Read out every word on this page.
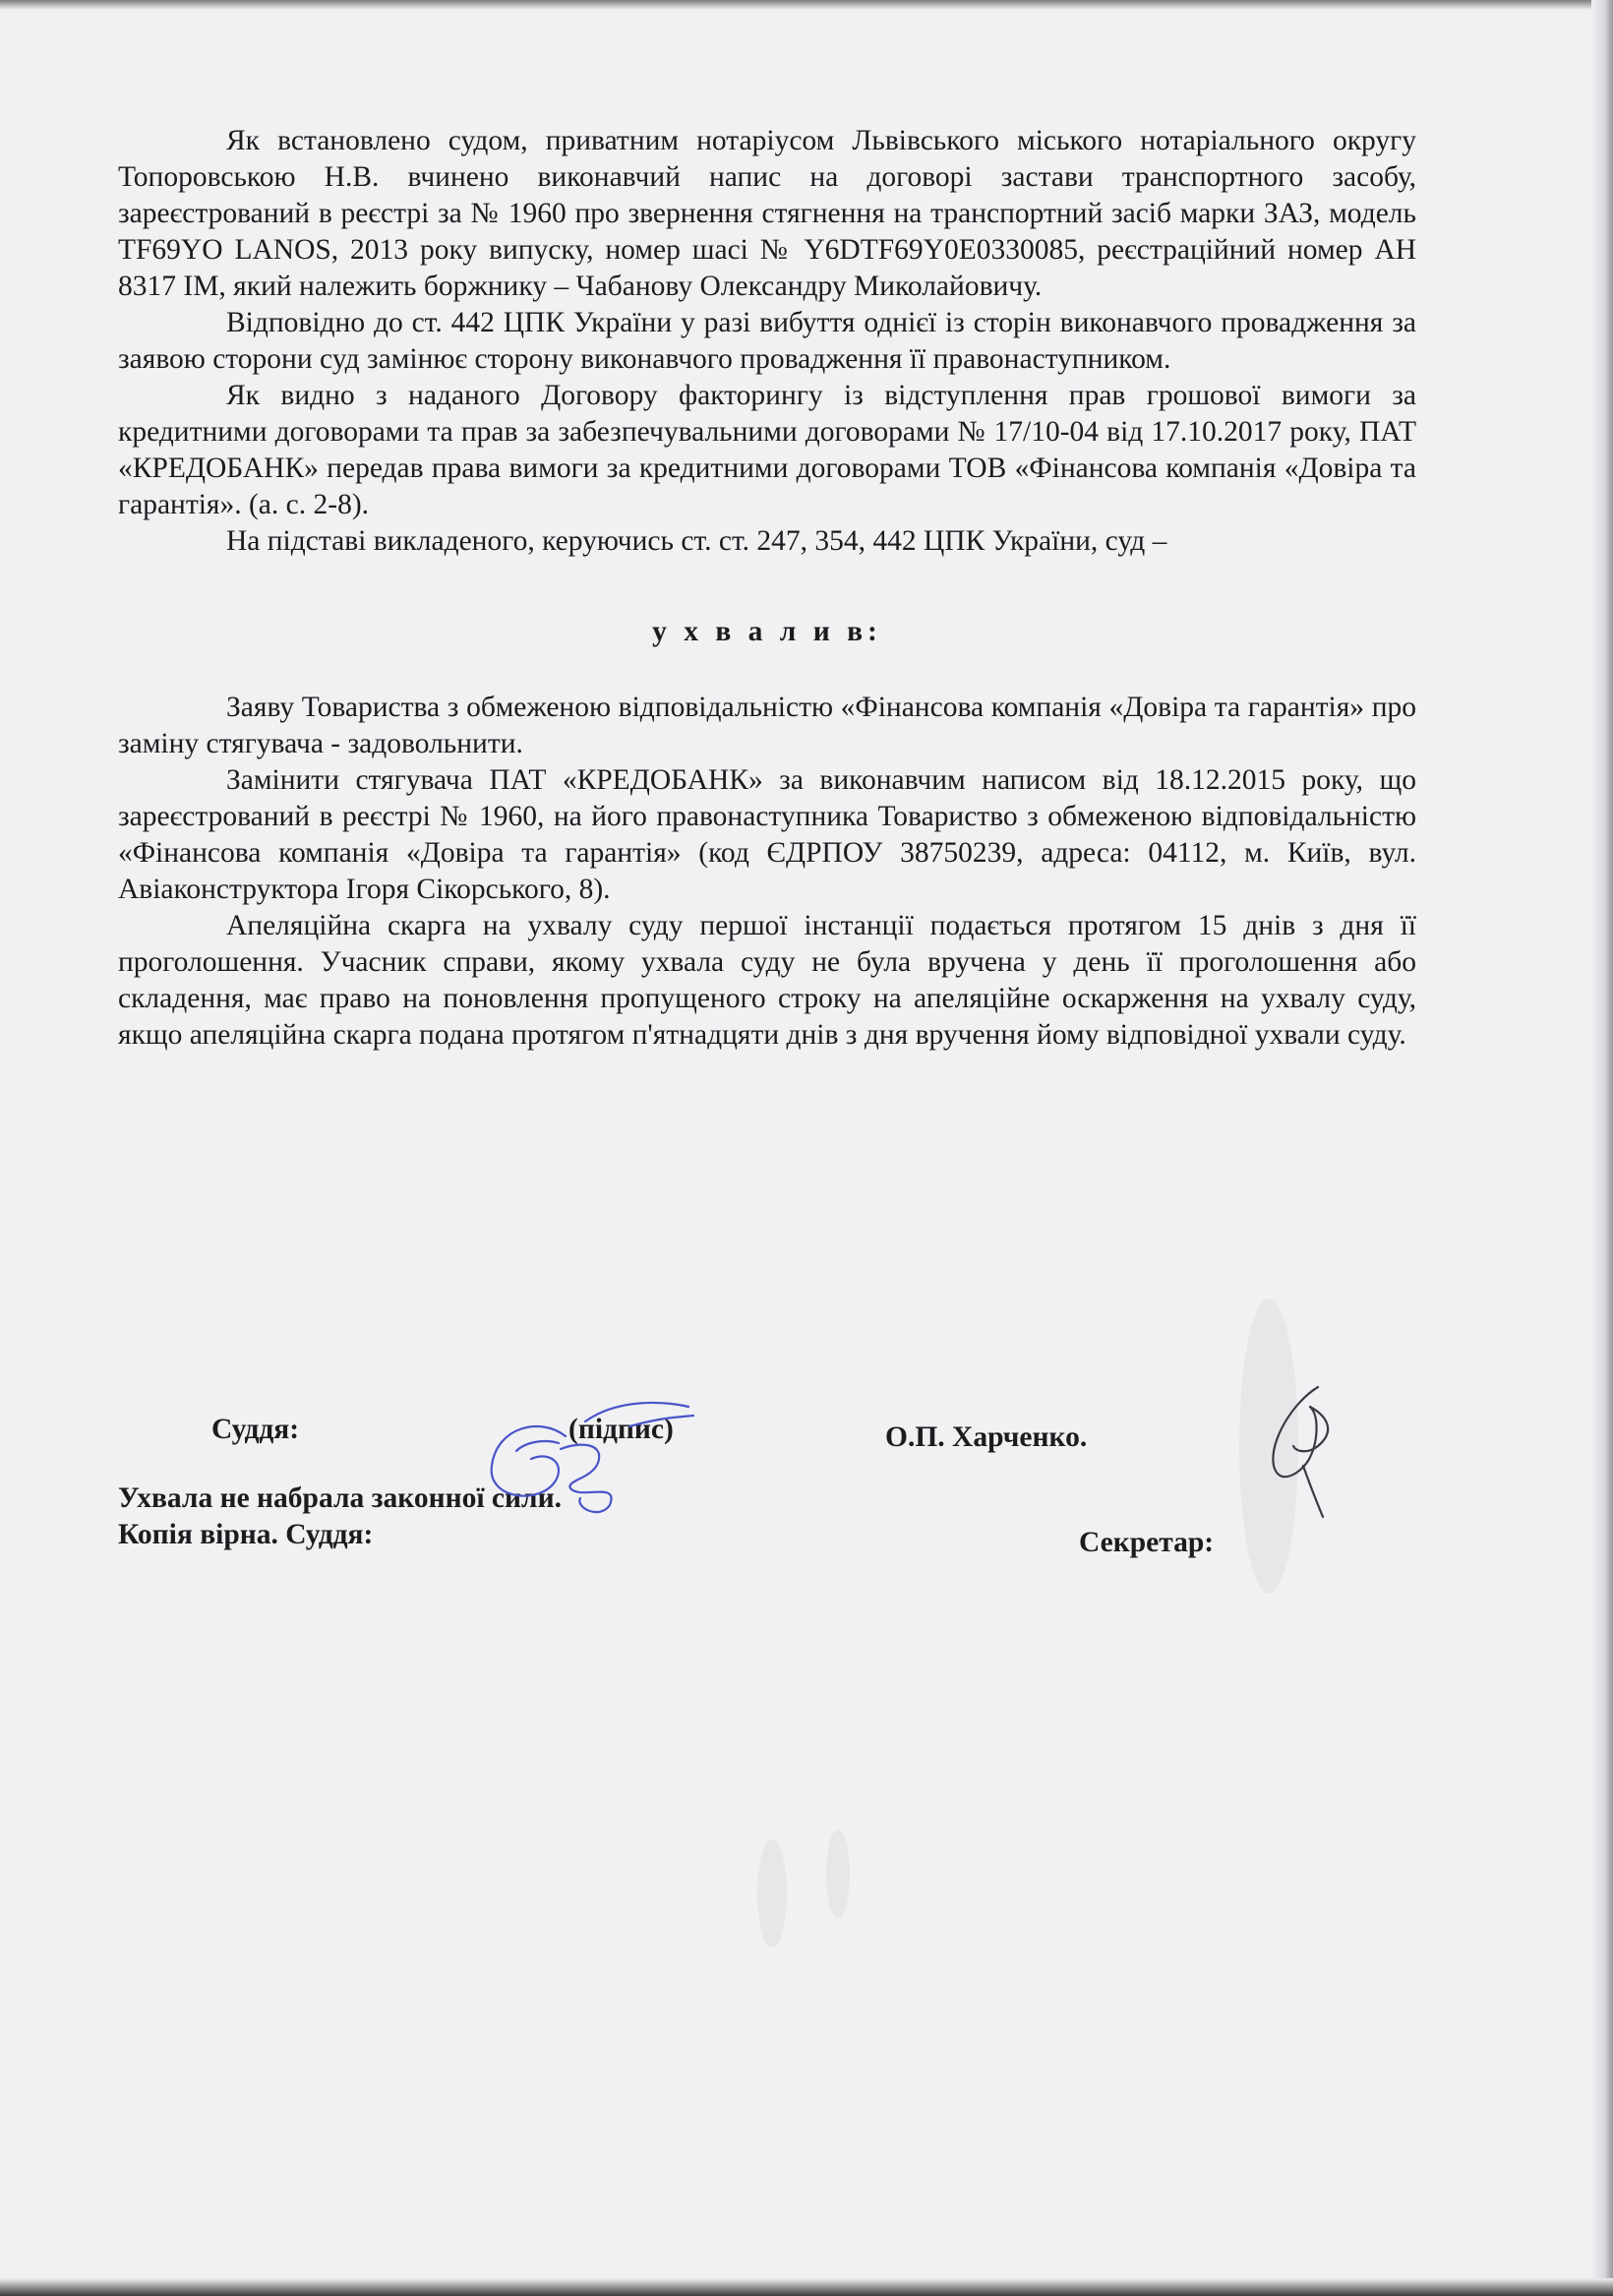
Як встановлено судом, приватним нотаріусом Львівського міського нотаріального округу Топоровською Н.В. вчинено виконавчий напис на договорі застави транспортного засобу, зареєстрований в реєстрі за № 1960 про звернення стягнення на транспортний засіб марки ЗАЗ, модель TF69YO LANOS, 2013 року випуску, номер шасі № Y6DTF69Y0E0330085, реєстраційний номер АН 8317 ІМ, який належить боржнику – Чабанову Олександру Миколайовичу.

Відповідно до ст. 442 ЦПК України у разі вибуття однієї із сторін виконавчого провадження за заявою сторони суд замінює сторону виконавчого провадження її правонаступником.

Як видно з наданого Договору факторингу із відступлення прав грошової вимоги за кредитними договорами та прав за забезпечувальними договорами № 17/10-04 від 17.10.2017 року, ПАТ «КРЕДОБАНК» передав права вимоги за кредитними договорами ТОВ «Фінансова компанія «Довіра та гарантія». (а. с. 2-8).

На підставі викладеного, керуючись ст. ст. 247, 354, 442 ЦПК України, суд –

у х в а л и в:

Заяву Товариства з обмеженою відповідальністю «Фінансова компанія «Довіра та гарантія» про заміну стягувача - задовольнити.

Замінити стягувача ПАТ «КРЕДОБАНК» за виконавчим написом від 18.12.2015 року, що зареєстрований в реєстрі № 1960, на його правонаступника Товариство з обмеженою відповідальністю «Фінансова компанія «Довіра та гарантія» (код ЄДРПОУ 38750239, адреса: 04112, м. Київ, вул. Авіаконструктора Ігоря Сікорського, 8).

Апеляційна скарга на ухвалу суду першої інстанції подається протягом 15 днів з дня її проголошення. Учасник справи, якому ухвала суду не була вручена у день її проголошення або складення, має право на поновлення пропущеного строку на апеляційне оскарження на ухвалу суду, якщо апеляційна скарга подана протягом п'ятнадцяти днів з дня вручення йому відповідної ухвали суду.

Суддя:	(підпис)	О.П. Харченко.
Ухвала не набрала законної сили.
Копія вірна. Суддя:	Секретар:
